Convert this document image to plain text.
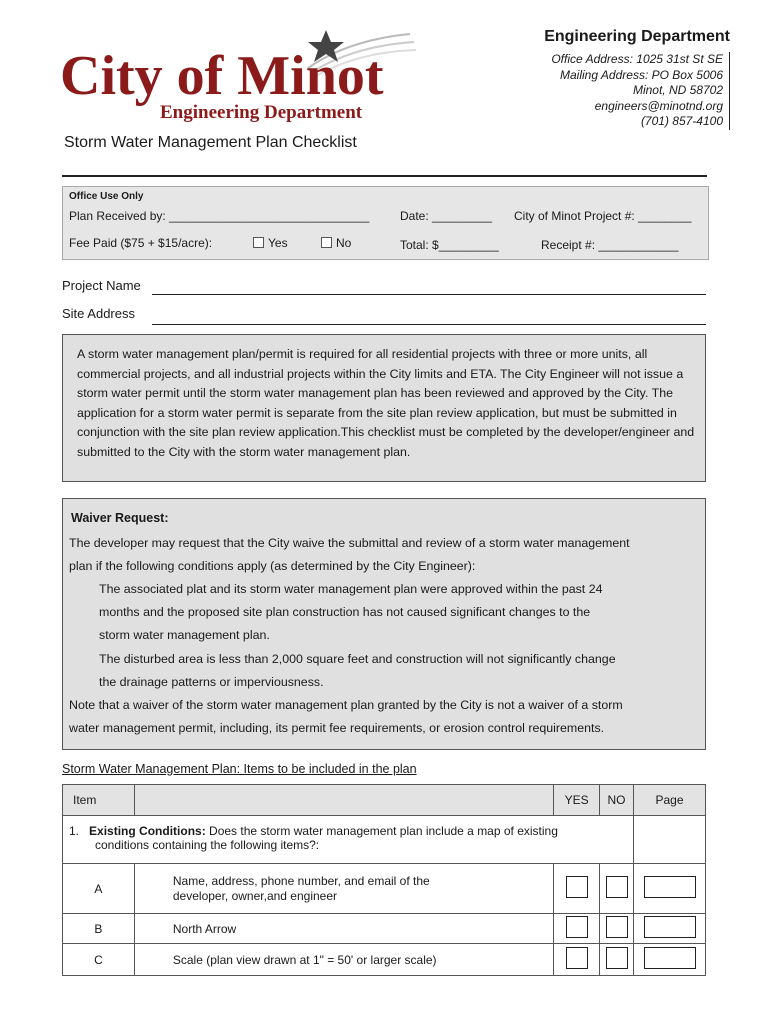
City of Minot
Engineering Department
Engineering Department
Office Address: 1025 31st St SE
Mailing Address: PO Box 5006
Minot, ND 58702
engineers@minotnd.org
(701) 857-4100
Storm Water Management Plan Checklist
Office Use Only
Plan Received by: ______________________________	Date: _________ City of Minot Project #: ________
Fee Paid ($75 + $15/acre):	Yes	No	Total: $_________	Receipt #: ____________
Project Name
Site Address
A storm water management plan/permit is required for all residential projects with three or more units, all commercial projects, and all industrial projects within the City limits and ETA. The City Engineer will not issue a storm water permit until the storm water management plan has been reviewed and approved by the City. The application for a storm water permit is separate from the site plan review application, but must be submitted in conjunction with the site plan review application.This checklist must be completed by the developer/engineer and submitted to the City with the storm water management plan.
Waiver Request:
The developer may request that the City waive the submittal and review of a storm water management
plan if the following conditions apply (as determined by the City Engineer):
The associated plat and its storm water management plan were approved within the past 24
months and the proposed site plan construction has not caused significant changes to the
storm water management plan.
The disturbed area is less than 2,000 square feet and construction will not significantly change
the drainage patterns or imperviousness.
Note that a waiver of the storm water management plan granted by the City is not a waiver of a storm
water management permit, including, its permit fee requirements, or erosion control requirements.
Storm Water Management Plan: Items to be included in the plan
Item		YES	NO	Page
1. Existing Conditions: Does the storm water management plan include a map of existing
conditions containing the following items?:				
A	Name, address, phone number, and email of the developer, owner,and engineer			
B	North Arrow			
C	Scale (plan view drawn at 1" = 50' or larger scale)			
